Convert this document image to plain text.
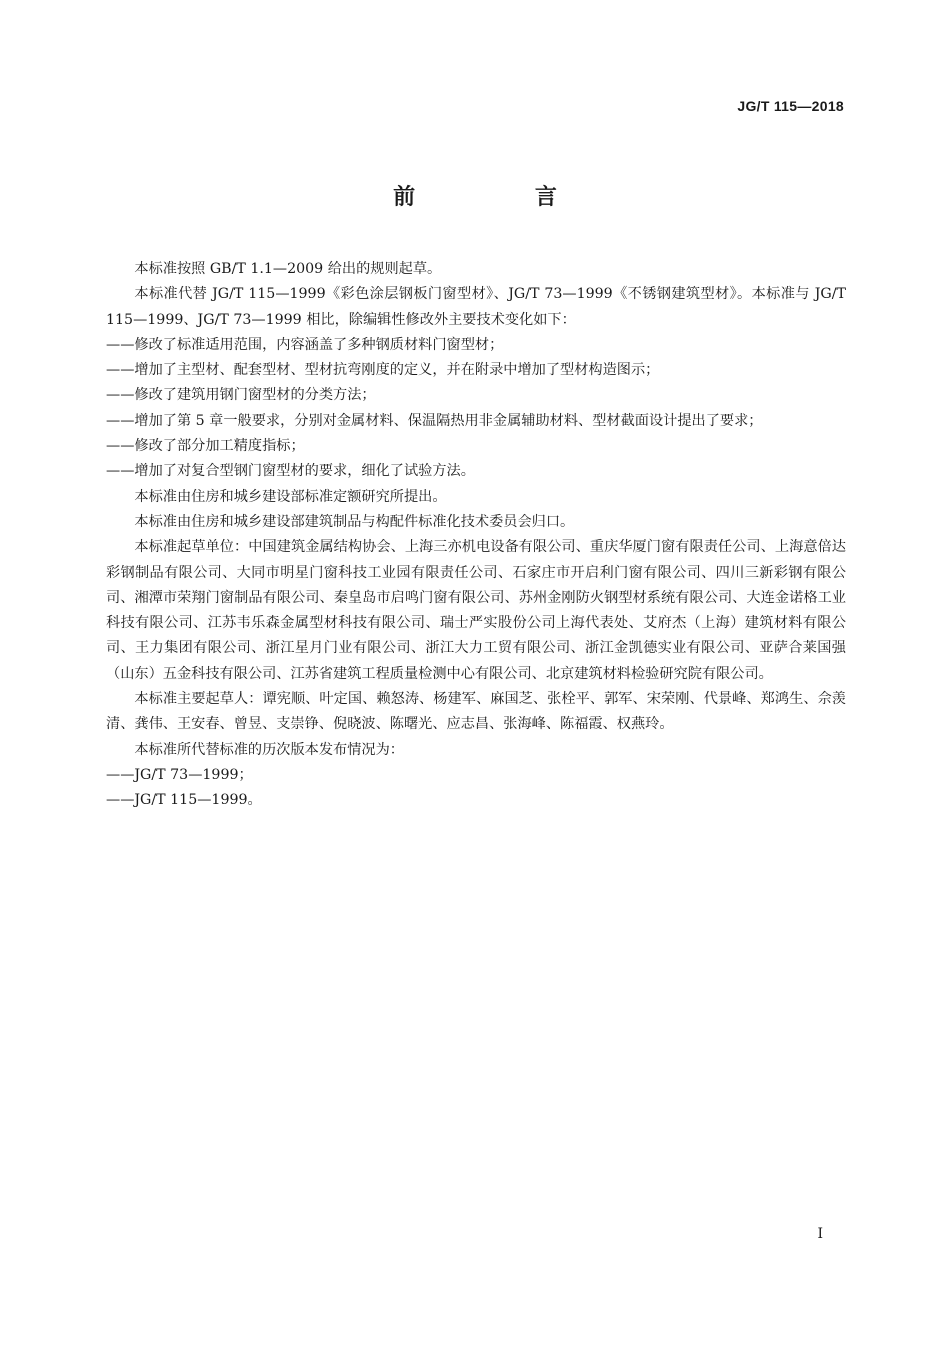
JG/T 115—2018
前 言

本标准按照 GB/T 1.1—2009 给出的规则起草。

本标准代替 JG/T 115—1999《彩色涂层钢板门窗型材》、JG/T 73—1999《不锈钢建筑型材》。本标准与 JG/T 115—1999、JG/T 73—1999 相比，除编辑性修改外主要技术变化如下：

——修改了标准适用范围，内容涵盖了多种钢质材料门窗型材；

——增加了主型材、配套型材、型材抗弯刚度的定义，并在附录中增加了型材构造图示；

——修改了建筑用钢门窗型材的分类方法；

——增加了第 5 章一般要求，分别对金属材料、保温隔热用非金属辅助材料、型材截面设计提出了要求；

——修改了部分加工精度指标；

——增加了对复合型钢门窗型材的要求，细化了试验方法。

本标准由住房和城乡建设部标准定额研究所提出。

本标准由住房和城乡建设部建筑制品与构配件标准化技术委员会归口。

本标准起草单位：中国建筑金属结构协会、上海三亦机电设备有限公司、重庆华厦门窗有限责任公司、上海意倍达彩钢制品有限公司、大同市明星门窗科技工业园有限责任公司、石家庄市开启利门窗有限公司、四川三新彩钢有限公司、湘潭市荣翔门窗制品有限公司、秦皇岛市启鸣门窗有限公司、苏州金刚防火钢型材系统有限公司、大连金诺格工业科技有限公司、江苏韦乐森金属型材科技有限公司、瑞士严实股份公司上海代表处、艾府杰（上海）建筑材料有限公司、王力集团有限公司、浙江星月门业有限公司、浙江大力工贸有限公司、浙江金凯德实业有限公司、亚萨合莱国强（山东）五金科技有限公司、江苏省建筑工程质量检测中心有限公司、北京建筑材料检验研究院有限公司。

本标准主要起草人：谭宪顺、叶定国、赖怒涛、杨建军、麻国芝、张栓平、郭军、宋荣刚、代景峰、郑鸿生、佘羡清、龚伟、王安春、曾昱、支崇铮、倪晓波、陈曙光、应志昌、张海峰、陈福霞、权燕玲。

本标准所代替标准的历次版本发布情况为：

——JG/T 73—1999；

——JG/T 115—1999。

I
